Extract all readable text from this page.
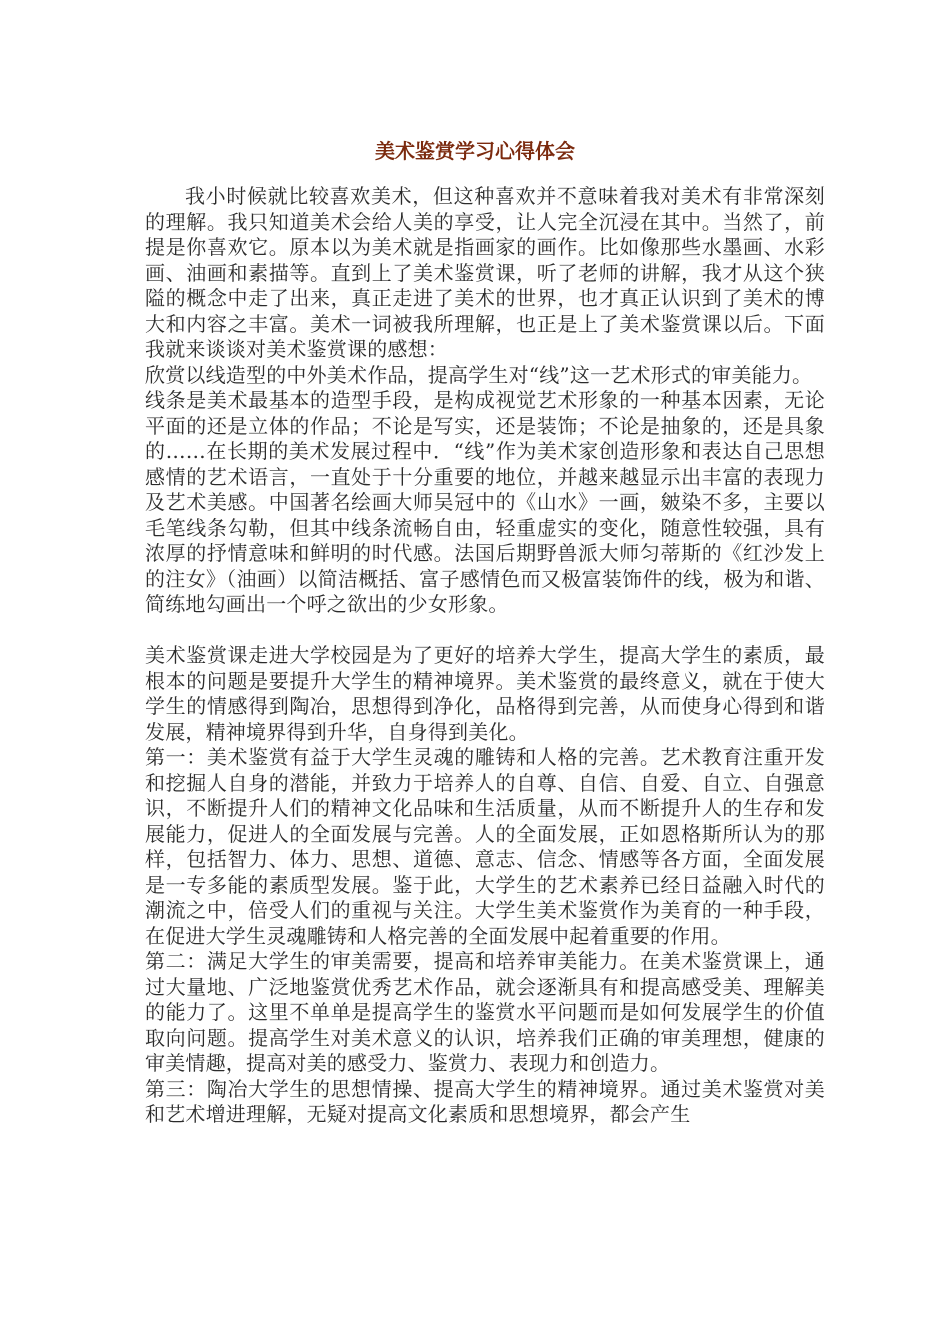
美术鉴赏学习心得体会

我小时候就比较喜欢美术，但这种喜欢并不意味着我对美术有非常深刻的理解。我只知道美术会给人美的享受，让人完全沉浸在其中。当然了，前提是你喜欢它。原本以为美术就是指画家的画作。比如像那些水墨画、水彩画、油画和素描等。直到上了美术鉴赏课，听了老师的讲解，我才从这个狭隘的概念中走了出来，真正走进了美术的世界，也才真正认识到了美术的博大和内容之丰富。美术一词被我所理解，也正是上了美术鉴赏课以后。下面我就来谈谈对美术鉴赏课的感想：

欣赏以线造型的中外美术作品，提高学生对“线”这一艺术形式的审美能力。

线条是美术最基本的造型手段，是构成视觉艺术形象的一种基本因素，无论平面的还是立体的作品；不论是写实，还是装饰；不论是抽象的，还是具象的……在长期的美术发展过程中．“线”作为美术家创造形象和表达自己思想感情的艺术语言，一直处于十分重要的地位，并越来越显示出丰富的表现力及艺术美感。中国著名绘画大师吴冠中的《山水》一画，皴染不多，主要以毛笔线条勾勒，但其中线条流畅自由，轻重虚实的变化，随意性较强，具有浓厚的抒情意味和鲜明的时代感。法国后期野兽派大师匀蒂斯的《红沙发上的注女》（油画）以简洁概括、富子感情色而又极富装饰件的线，极为和谐、简练地勾画出一个呼之欲出的少女形象。

美术鉴赏课走进大学校园是为了更好的培养大学生，提高大学生的素质，最根本的问题是要提升大学生的精神境界。美术鉴赏的最终意义，就在于使大学生的情感得到陶冶，思想得到净化，品格得到完善，从而使身心得到和谐发展，精神境界得到升华，自身得到美化。

第一：美术鉴赏有益于大学生灵魂的雕铸和人格的完善。艺术教育注重开发和挖掘人自身的潜能，并致力于培养人的自尊、自信、自爱、自立、自强意识，不断提升人们的精神文化品味和生活质量，从而不断提升人的生存和发展能力，促进人的全面发展与完善。人的全面发展，正如恩格斯所认为的那样，包括智力、体力、思想、道德、意志、信念、情感等各方面，全面发展是一专多能的素质型发展。鉴于此，大学生的艺术素养已经日益融入时代的潮流之中，倍受人们的重视与关注。大学生美术鉴赏作为美育的一种手段，在促进大学生灵魂雕铸和人格完善的全面发展中起着重要的作用。

第二：满足大学生的审美需要，提高和培养审美能力。在美术鉴赏课上，通过大量地、广泛地鉴赏优秀艺术作品，就会逐渐具有和提高感受美、理解美的能力了。这里不单单是提高学生的鉴赏水平问题而是如何发展学生的价值取向问题。提高学生对美术意义的认识，培养我们正确的审美理想，健康的审美情趣，提高对美的感受力、鉴赏力、表现力和创造力。

第三：陶冶大学生的思想情操、提高大学生的精神境界。通过美术鉴赏对美和艺术增进理解，无疑对提高文化素质和思想境界，都会产生
